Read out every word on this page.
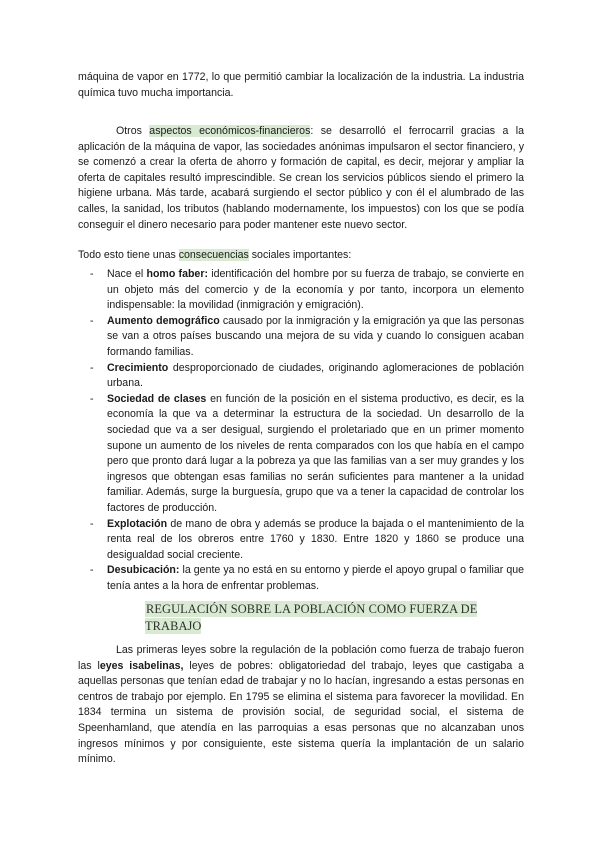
máquina de vapor en 1772, lo que permitió cambiar la localización de la industria. La industria química tuvo mucha importancia.

Otros aspectos económicos-financieros: se desarrolló el ferrocarril gracias a la aplicación de la máquina de vapor, las sociedades anónimas impulsaron el sector financiero, y se comenzó a crear la oferta de ahorro y formación de capital, es decir, mejorar y ampliar la oferta de capitales resultó imprescindible. Se crean los servicios públicos siendo el primero la higiene urbana. Más tarde, acabará surgiendo el sector público y con él el alumbrado de las calles, la sanidad, los tributos (hablando modernamente, los impuestos) con los que se podía conseguir el dinero necesario para poder mantener este nuevo sector.

Todo esto tiene unas consecuencias sociales importantes:

- Nace el homo faber: identificación del hombre por su fuerza de trabajo, se convierte en un objeto más del comercio y de la economía y por tanto, incorpora un elemento indispensable: la movilidad (inmigración y emigración).
- Aumento demográfico causado por la inmigración y la emigración ya que las personas se van a otros países buscando una mejora de su vida y cuando lo consiguen acaban formando familias.
- Crecimiento desproporcionado de ciudades, originando aglomeraciones de población urbana.
- Sociedad de clases en función de la posición en el sistema productivo, es decir, es la economía la que va a determinar la estructura de la sociedad. Un desarrollo de la sociedad que va a ser desigual, surgiendo el proletariado que en un primer momento supone un aumento de los niveles de renta comparados con los que había en el campo pero que pronto dará lugar a la pobreza ya que las familias van a ser muy grandes y los ingresos que obtengan esas familias no serán suficientes para mantener a la unidad familiar. Además, surge la burguesía, grupo que va a tener la capacidad de controlar los factores de producción.
- Explotación de mano de obra y además se produce la bajada o el mantenimiento de la renta real de los obreros entre 1760 y 1830. Entre 1820 y 1860 se produce una desigualdad social creciente.
- Desubicación: la gente ya no está en su entorno y pierde el apoyo grupal o familiar que tenía antes a la hora de enfrentar problemas.
REGULACIÓN SOBRE LA POBLACIÓN COMO FUERZA DE TRABAJO

Las primeras leyes sobre la regulación de la población como fuerza de trabajo fueron las leyes isabelinas, leyes de pobres: obligatoriedad del trabajo, leyes que castigaba a aquellas personas que tenían edad de trabajar y no lo hacían, ingresando a estas personas en centros de trabajo por ejemplo. En 1795 se elimina el sistema para favorecer la movilidad. En 1834 termina un sistema de provisión social, de seguridad social, el sistema de Speenhamland, que atendía en las parroquias a esas personas que no alcanzaban unos ingresos mínimos y por consiguiente, este sistema quería la implantación de un salario mínimo.
